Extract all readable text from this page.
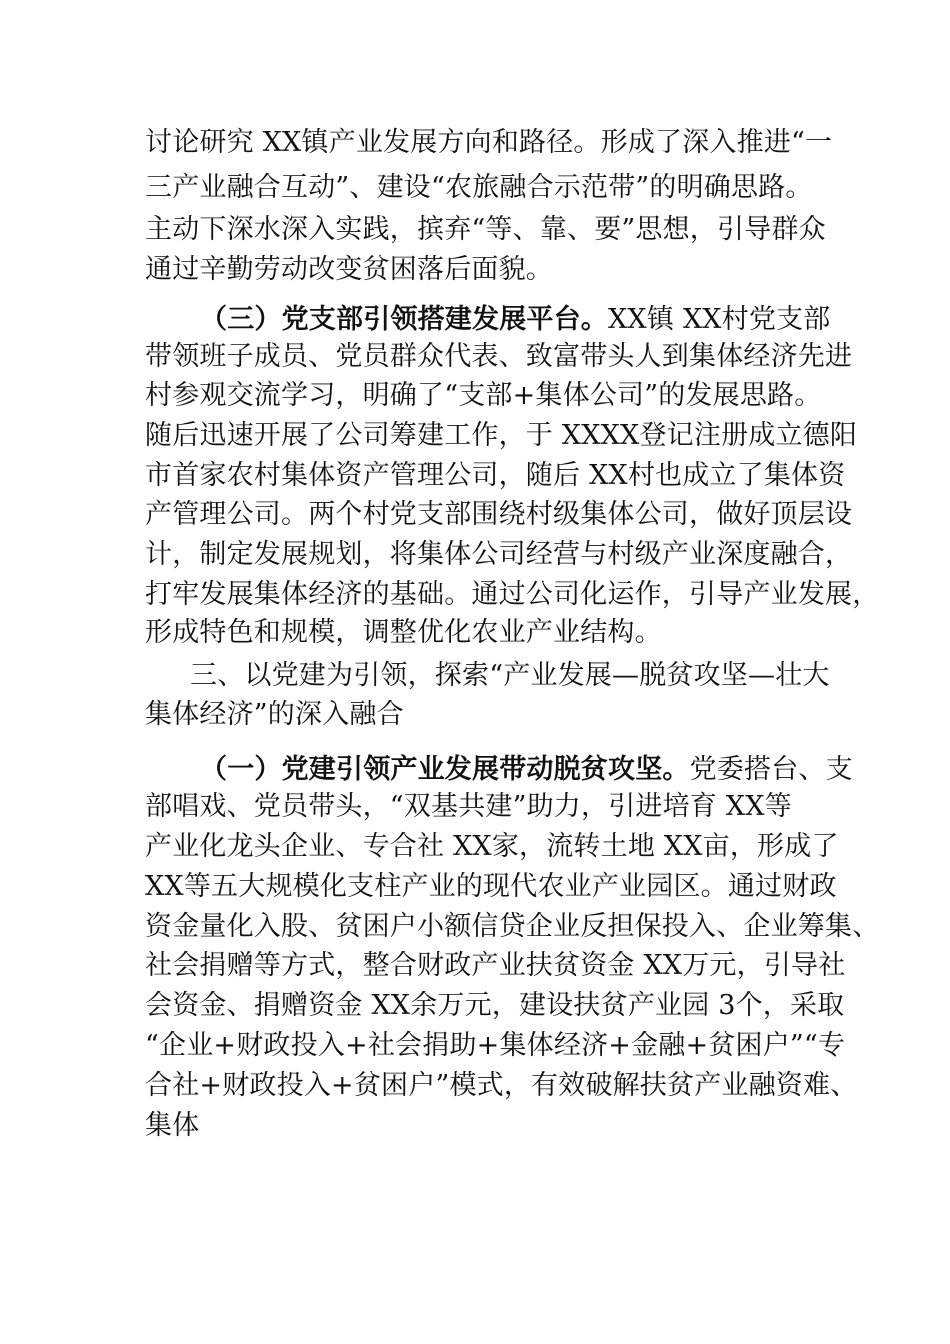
讨论研究 XX镇产业发展方向和路径。形成了深入推进“一

三产业融合互动”、建设“农旅融合示范带”的明确思路。

主动下深水深入实践，摈弃“等、靠、要”思想，引导群众

通过辛勤劳动改变贫困落后面貌。

（三）党支部引领搭建发展平台。XX镇 XX村党支部

带领班子成员、党员群众代表、致富带头人到集体经济先进

村参观交流学习，明确了“支部+集体公司”的发展思路。

随后迅速开展了公司筹建工作，于 XXXX登记注册成立德阳

市首家农村集体资产管理公司，随后 XX村也成立了集体资

产管理公司。两个村党支部围绕村级集体公司，做好顶层设

计，制定发展规划，将集体公司经营与村级产业深度融合，

打牢发展集体经济的基础。通过公司化运作，引导产业发展，

形成特色和规模，调整优化农业产业结构。

三、以党建为引领，探索“产业发展—脱贫攻坚—壮大

集体经济”的深入融合

（一）党建引领产业发展带动脱贫攻坚。党委搭台、支

部唱戏、党员带头，“双基共建”助力，引进培育 XX等

产业化龙头企业、专合社 XX家，流转土地 XX亩，形成了

XX等五大规模化支柱产业的现代农业产业园区。通过财政

资金量化入股、贫困户小额信贷企业反担保投入、企业筹集、

社会捐赠等方式，整合财政产业扶贫资金 XX万元，引导社

会资金、捐赠资金 XX余万元，建设扶贫产业园 3个，采取

“企业+财政投入+社会捐助+集体经济+金融+贫困户”“专

合社+财政投入+贫困户”模式，有效破解扶贫产业融资难、

集体
